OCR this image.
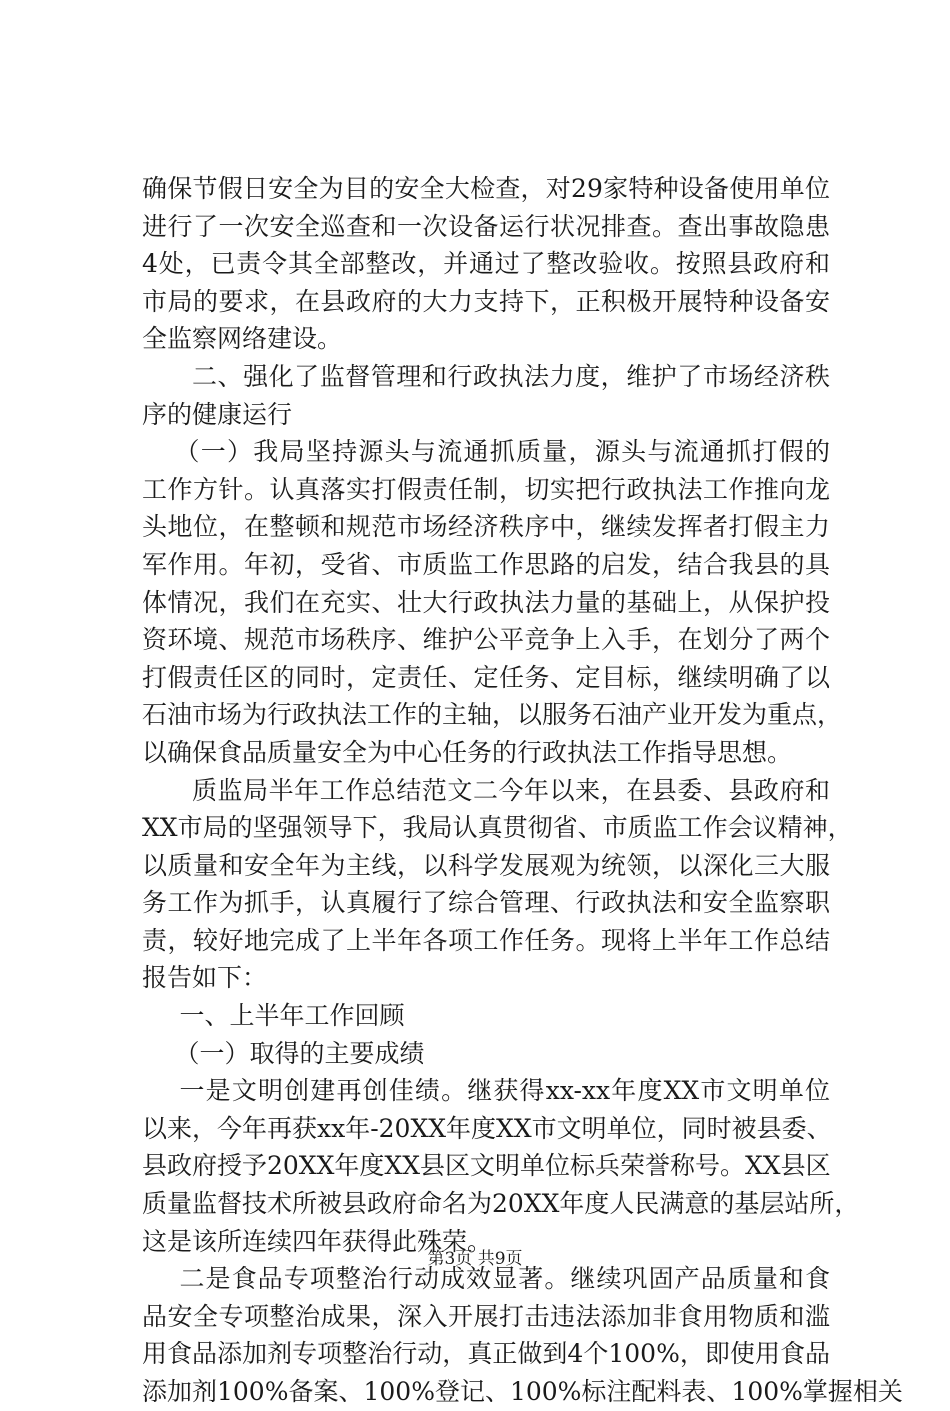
确保节假日安全为目的安全大检查，对29家特种设备使用单位
进行了一次安全巡查和一次设备运行状况排查。查出事故隐患
4处，已责令其全部整改，并通过了整改验收。按照县政府和
市局的要求，在县政府的大力支持下，正积极开展特种设备安
全监察网络建设。
二、强化了监督管理和行政执法力度，维护了市场经济秩
序的健康运行
（一）我局坚持源头与流通抓质量，源头与流通抓打假的
工作方针。认真落实打假责任制，切实把行政执法工作推向龙
头地位，在整顿和规范市场经济秩序中，继续发挥者打假主力
军作用。年初，受省、市质监工作思路的启发，结合我县的具
体情况，我们在充实、壮大行政执法力量的基础上，从保护投
资环境、规范市场秩序、维护公平竞争上入手，在划分了两个
打假责任区的同时，定责任、定任务、定目标，继续明确了以
石油市场为行政执法工作的主轴，以服务石油产业开发为重点，
以确保食品质量安全为中心任务的行政执法工作指导思想。
质监局半年工作总结范文二今年以来，在县委、县政府和
XX市局的坚强领导下，我局认真贯彻省、市质监工作会议精神，
以质量和安全年为主线，以科学发展观为统领，以深化三大服
务工作为抓手，认真履行了综合管理、行政执法和安全监察职
责，较好地完成了上半年各项工作任务。现将上半年工作总结
报告如下：
一、上半年工作回顾
（一）取得的主要成绩
一是文明创建再创佳绩。继获得xx-xx年度XX市文明单位
以来，今年再获xx年-20XX年度XX市文明单位，同时被县委、
县政府授予20XX年度XX县区文明单位标兵荣誉称号。XX县区
质量监督技术所被县政府命名为20XX年度人民满意的基层站所，
这是该所连续四年获得此殊荣。
二是食品专项整治行动成效显著。继续巩固产品质量和食
品安全专项整治成果，深入开展打击违法添加非食用物质和滥
用食品添加剂专项整治行动，真正做到4个100%，即使用食品
添加剂100%备案、100%登记、100%标注配料表、100%掌握相关
第3页 共9页
